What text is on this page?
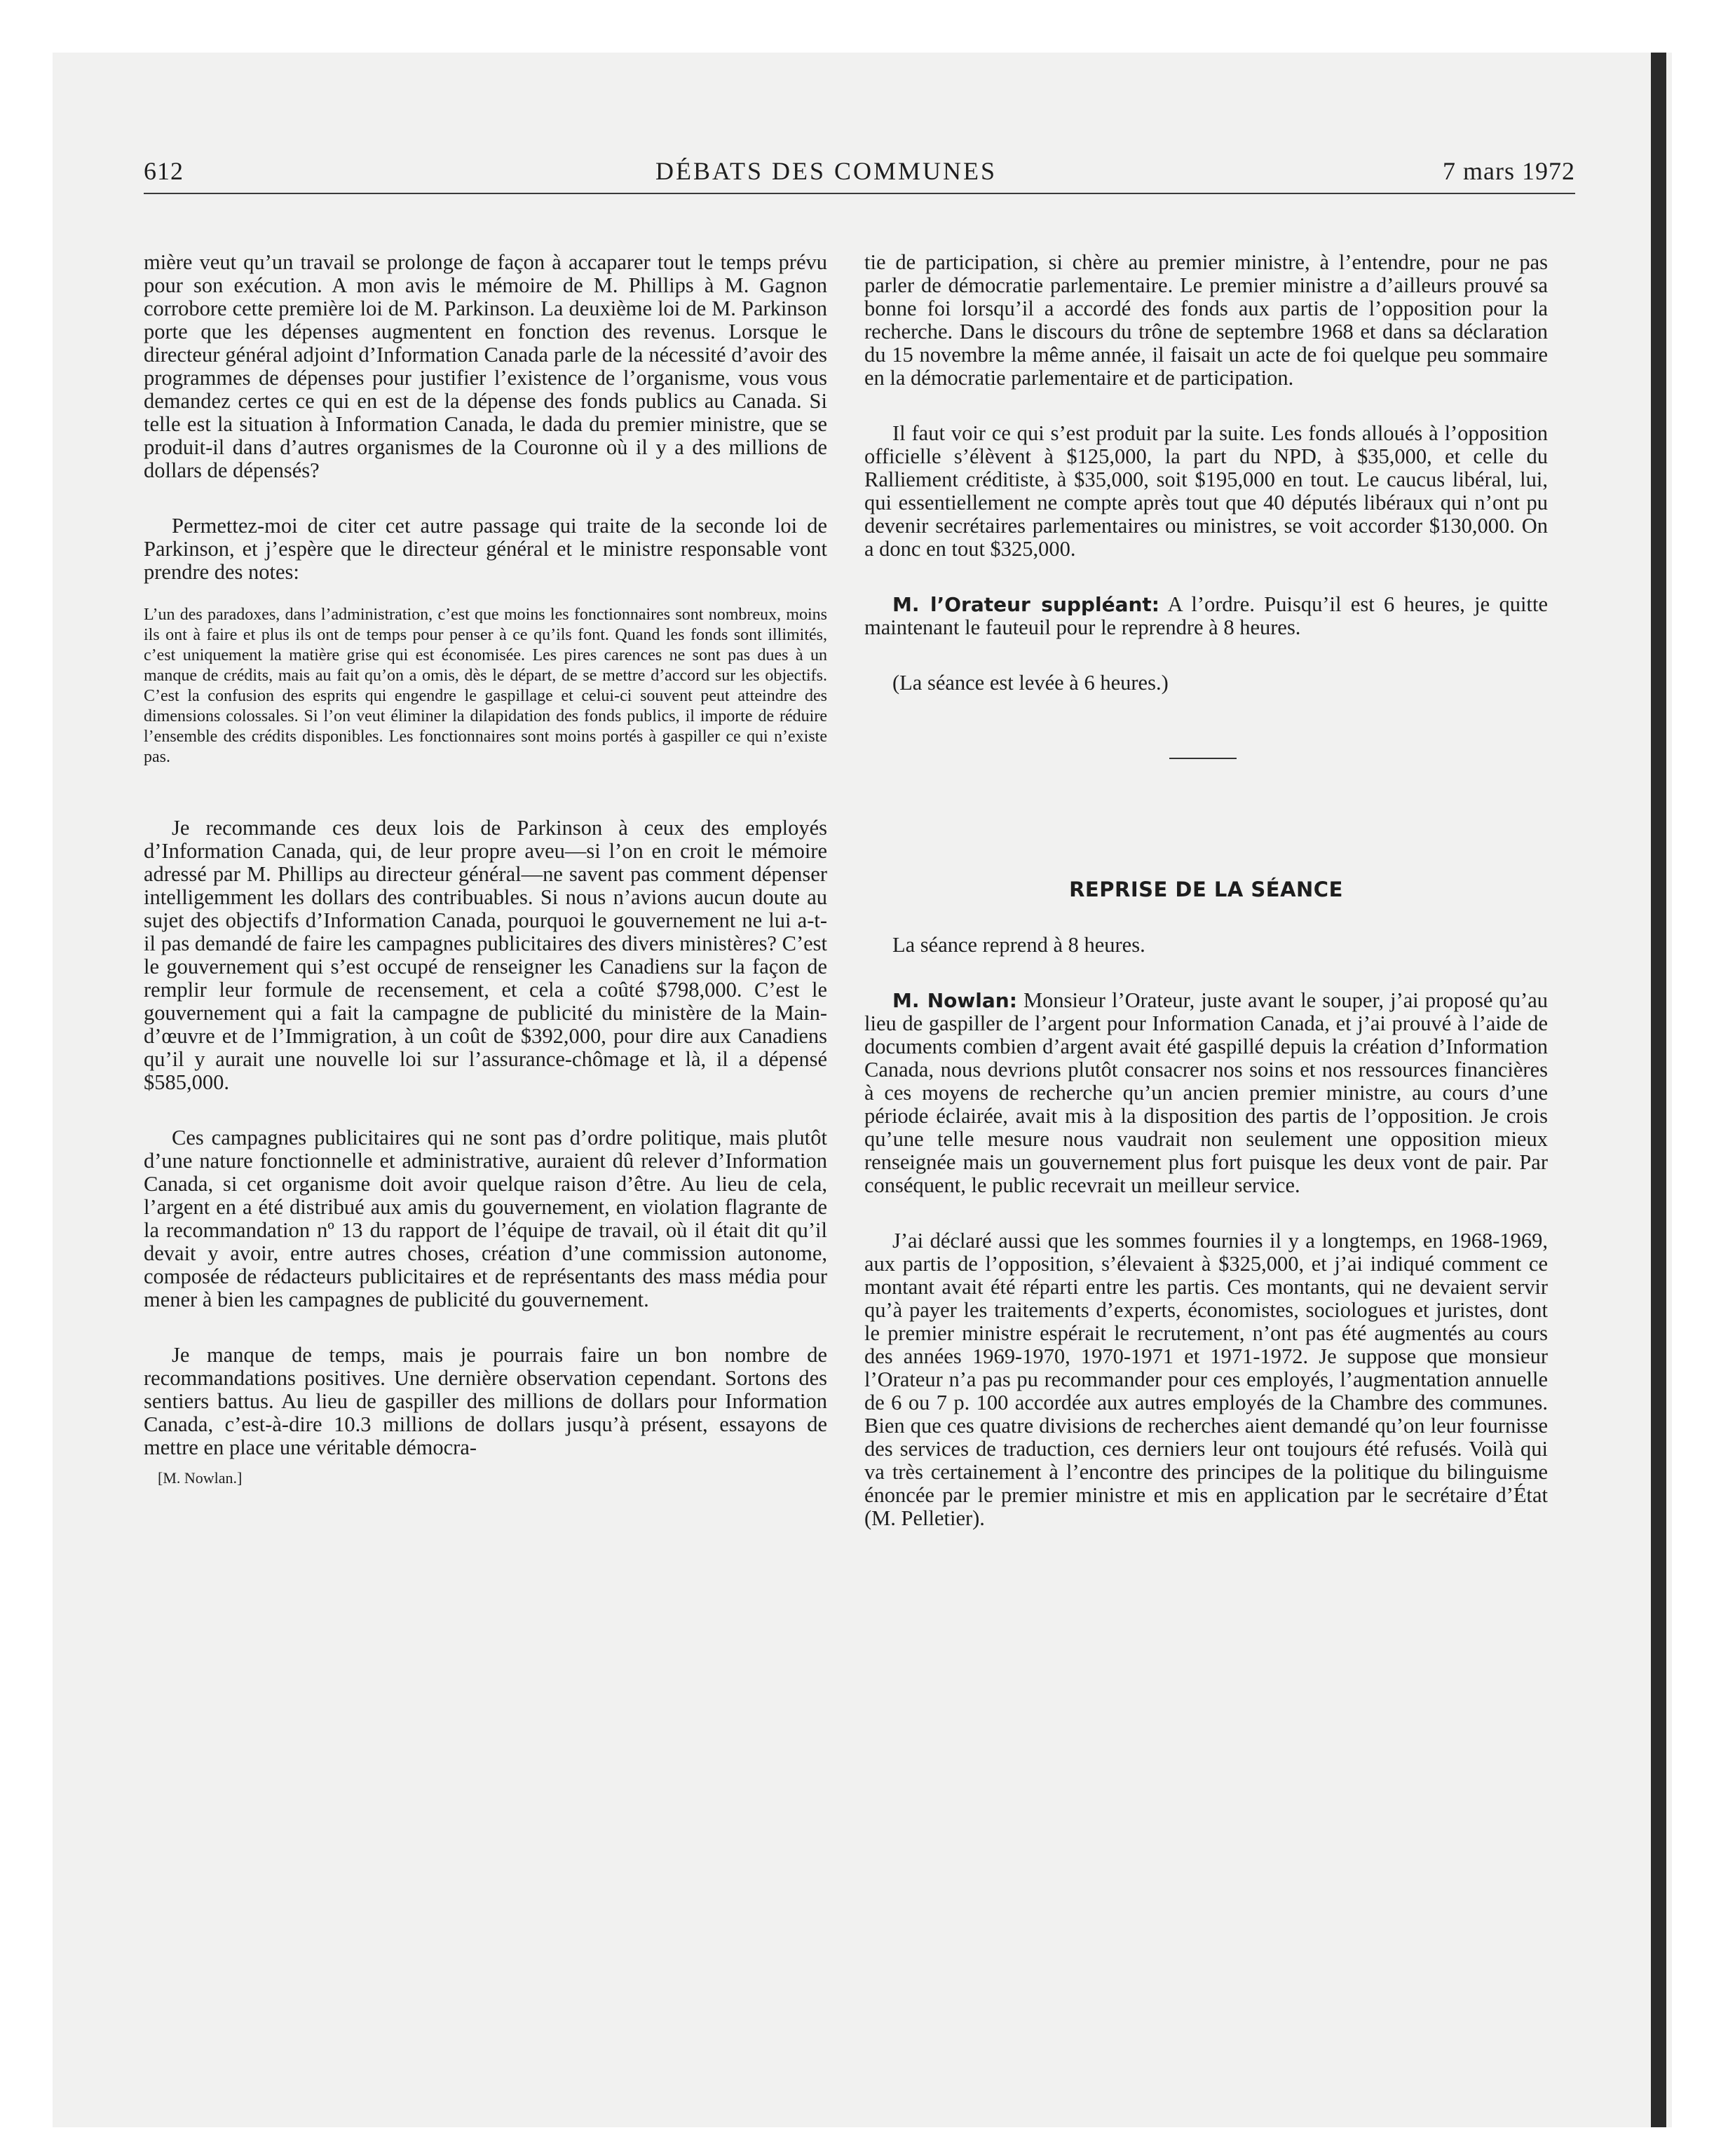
612	DÉBATS DES COMMUNES	7 mars 1972

mière veut qu’un travail se prolonge de façon à accaparer tout le temps prévu pour son exécution. A mon avis le mémoire de M. Phillips à M. Gagnon corrobore cette première loi de M. Parkinson. La deuxième loi de M. Parkinson porte que les dépenses augmentent en fonction des revenus. Lorsque le directeur général adjoint d’Information Canada parle de la nécessité d’avoir des programmes de dépenses pour justifier l’existence de l’organisme, vous vous demandez certes ce qui en est de la dépense des fonds publics au Canada. Si telle est la situation à Information Canada, le dada du premier ministre, que se produit-il dans d’autres organismes de la Couronne où il y a des millions de dollars de dépensés?

Permettez-moi de citer cet autre passage qui traite de la seconde loi de Parkinson, et j’espère que le directeur général et le ministre responsable vont prendre des notes:

L’un des paradoxes, dans l’administration, c’est que moins les fonctionnaires sont nombreux, moins ils ont à faire et plus ils ont de temps pour penser à ce qu’ils font. Quand les fonds sont illimités, c’est uniquement la matière grise qui est économisée. Les pires carences ne sont pas dues à un manque de crédits, mais au fait qu’on a omis, dès le départ, de se mettre d’accord sur les objectifs. C’est la confusion des esprits qui engendre le gaspillage et celui-ci souvent peut atteindre des dimensions colossales. Si l’on veut éliminer la dilapidation des fonds publics, il importe de réduire l’ensemble des crédits disponibles. Les fonctionnaires sont moins portés à gaspiller ce qui n’existe pas.

Je recommande ces deux lois de Parkinson à ceux des employés d’Information Canada, qui, de leur propre aveu—si l’on en croit le mémoire adressé par M. Phillips au directeur général—ne savent pas comment dépenser intelligemment les dollars des contribuables. Si nous n’avions aucun doute au sujet des objectifs d’Information Canada, pourquoi le gouvernement ne lui a-t-il pas demandé de faire les campagnes publicitaires des divers ministères? C’est le gouvernement qui s’est occupé de renseigner les Canadiens sur la façon de remplir leur formule de recensement, et cela a coûté $798,000. C’est le gouvernement qui a fait la campagne de publicité du ministère de la Main-d’œuvre et de l’Immigration, à un coût de $392,000, pour dire aux Canadiens qu’il y aurait une nouvelle loi sur l’assurance-chômage et là, il a dépensé $585,000.

Ces campagnes publicitaires qui ne sont pas d’ordre politique, mais plutôt d’une nature fonctionnelle et administrative, auraient dû relever d’Information Canada, si cet organisme doit avoir quelque raison d’être. Au lieu de cela, l’argent en a été distribué aux amis du gouvernement, en violation flagrante de la recommandation nº 13 du rapport de l’équipe de travail, où il était dit qu’il devait y avoir, entre autres choses, création d’une commission autonome, composée de rédacteurs publicitaires et de représentants des mass média pour mener à bien les campagnes de publicité du gouvernement.

Je manque de temps, mais je pourrais faire un bon nombre de recommandations positives. Une dernière observation cependant. Sortons des sentiers battus. Au lieu de gaspiller des millions de dollars pour Information Canada, c’est-à-dire 10.3 millions de dollars jusqu’à présent, essayons de mettre en place une véritable démocra-

[M. Nowlan.]

tie de participation, si chère au premier ministre, à l’entendre, pour ne pas parler de démocratie parlementaire. Le premier ministre a d’ailleurs prouvé sa bonne foi lorsqu’il a accordé des fonds aux partis de l’opposition pour la recherche. Dans le discours du trône de septembre 1968 et dans sa déclaration du 15 novembre la même année, il faisait un acte de foi quelque peu sommaire en la démocratie parlementaire et de participation.

Il faut voir ce qui s’est produit par la suite. Les fonds alloués à l’opposition officielle s’élèvent à $125,000, la part du NPD, à $35,000, et celle du Ralliement créditiste, à $35,000, soit $195,000 en tout. Le caucus libéral, lui, qui essentiellement ne compte après tout que 40 députés libéraux qui n’ont pu devenir secrétaires parlementaires ou ministres, se voit accorder $130,000. On a donc en tout $325,000.

M. l’Orateur suppléant: A l’ordre. Puisqu’il est 6 heures, je quitte maintenant le fauteuil pour le reprendre à 8 heures.

(La séance est levée à 6 heures.)

REPRISE DE LA SÉANCE

La séance reprend à 8 heures.

M. Nowlan: Monsieur l’Orateur, juste avant le souper, j’ai proposé qu’au lieu de gaspiller de l’argent pour Information Canada, et j’ai prouvé à l’aide de documents combien d’argent avait été gaspillé depuis la création d’Information Canada, nous devrions plutôt consacrer nos soins et nos ressources financières à ces moyens de recherche qu’un ancien premier ministre, au cours d’une période éclairée, avait mis à la disposition des partis de l’opposition. Je crois qu’une telle mesure nous vaudrait non seulement une opposition mieux renseignée mais un gouvernement plus fort puisque les deux vont de pair. Par conséquent, le public recevrait un meilleur service.

J’ai déclaré aussi que les sommes fournies il y a longtemps, en 1968-1969, aux partis de l’opposition, s’élevaient à $325,000, et j’ai indiqué comment ce montant avait été réparti entre les partis. Ces montants, qui ne devaient servir qu’à payer les traitements d’experts, économistes, sociologues et juristes, dont le premier ministre espérait le recrutement, n’ont pas été augmentés au cours des années 1969-1970, 1970-1971 et 1971-1972. Je suppose que monsieur l’Orateur n’a pas pu recommander pour ces employés, l’augmentation annuelle de 6 ou 7 p. 100 accordée aux autres employés de la Chambre des communes. Bien que ces quatre divisions de recherches aient demandé qu’on leur fournisse des services de traduction, ces derniers leur ont toujours été refusés. Voilà qui va très certainement à l’encontre des principes de la politique du bilinguisme énoncée par le premier ministre et mis en application par le secrétaire d’État (M. Pelletier).
